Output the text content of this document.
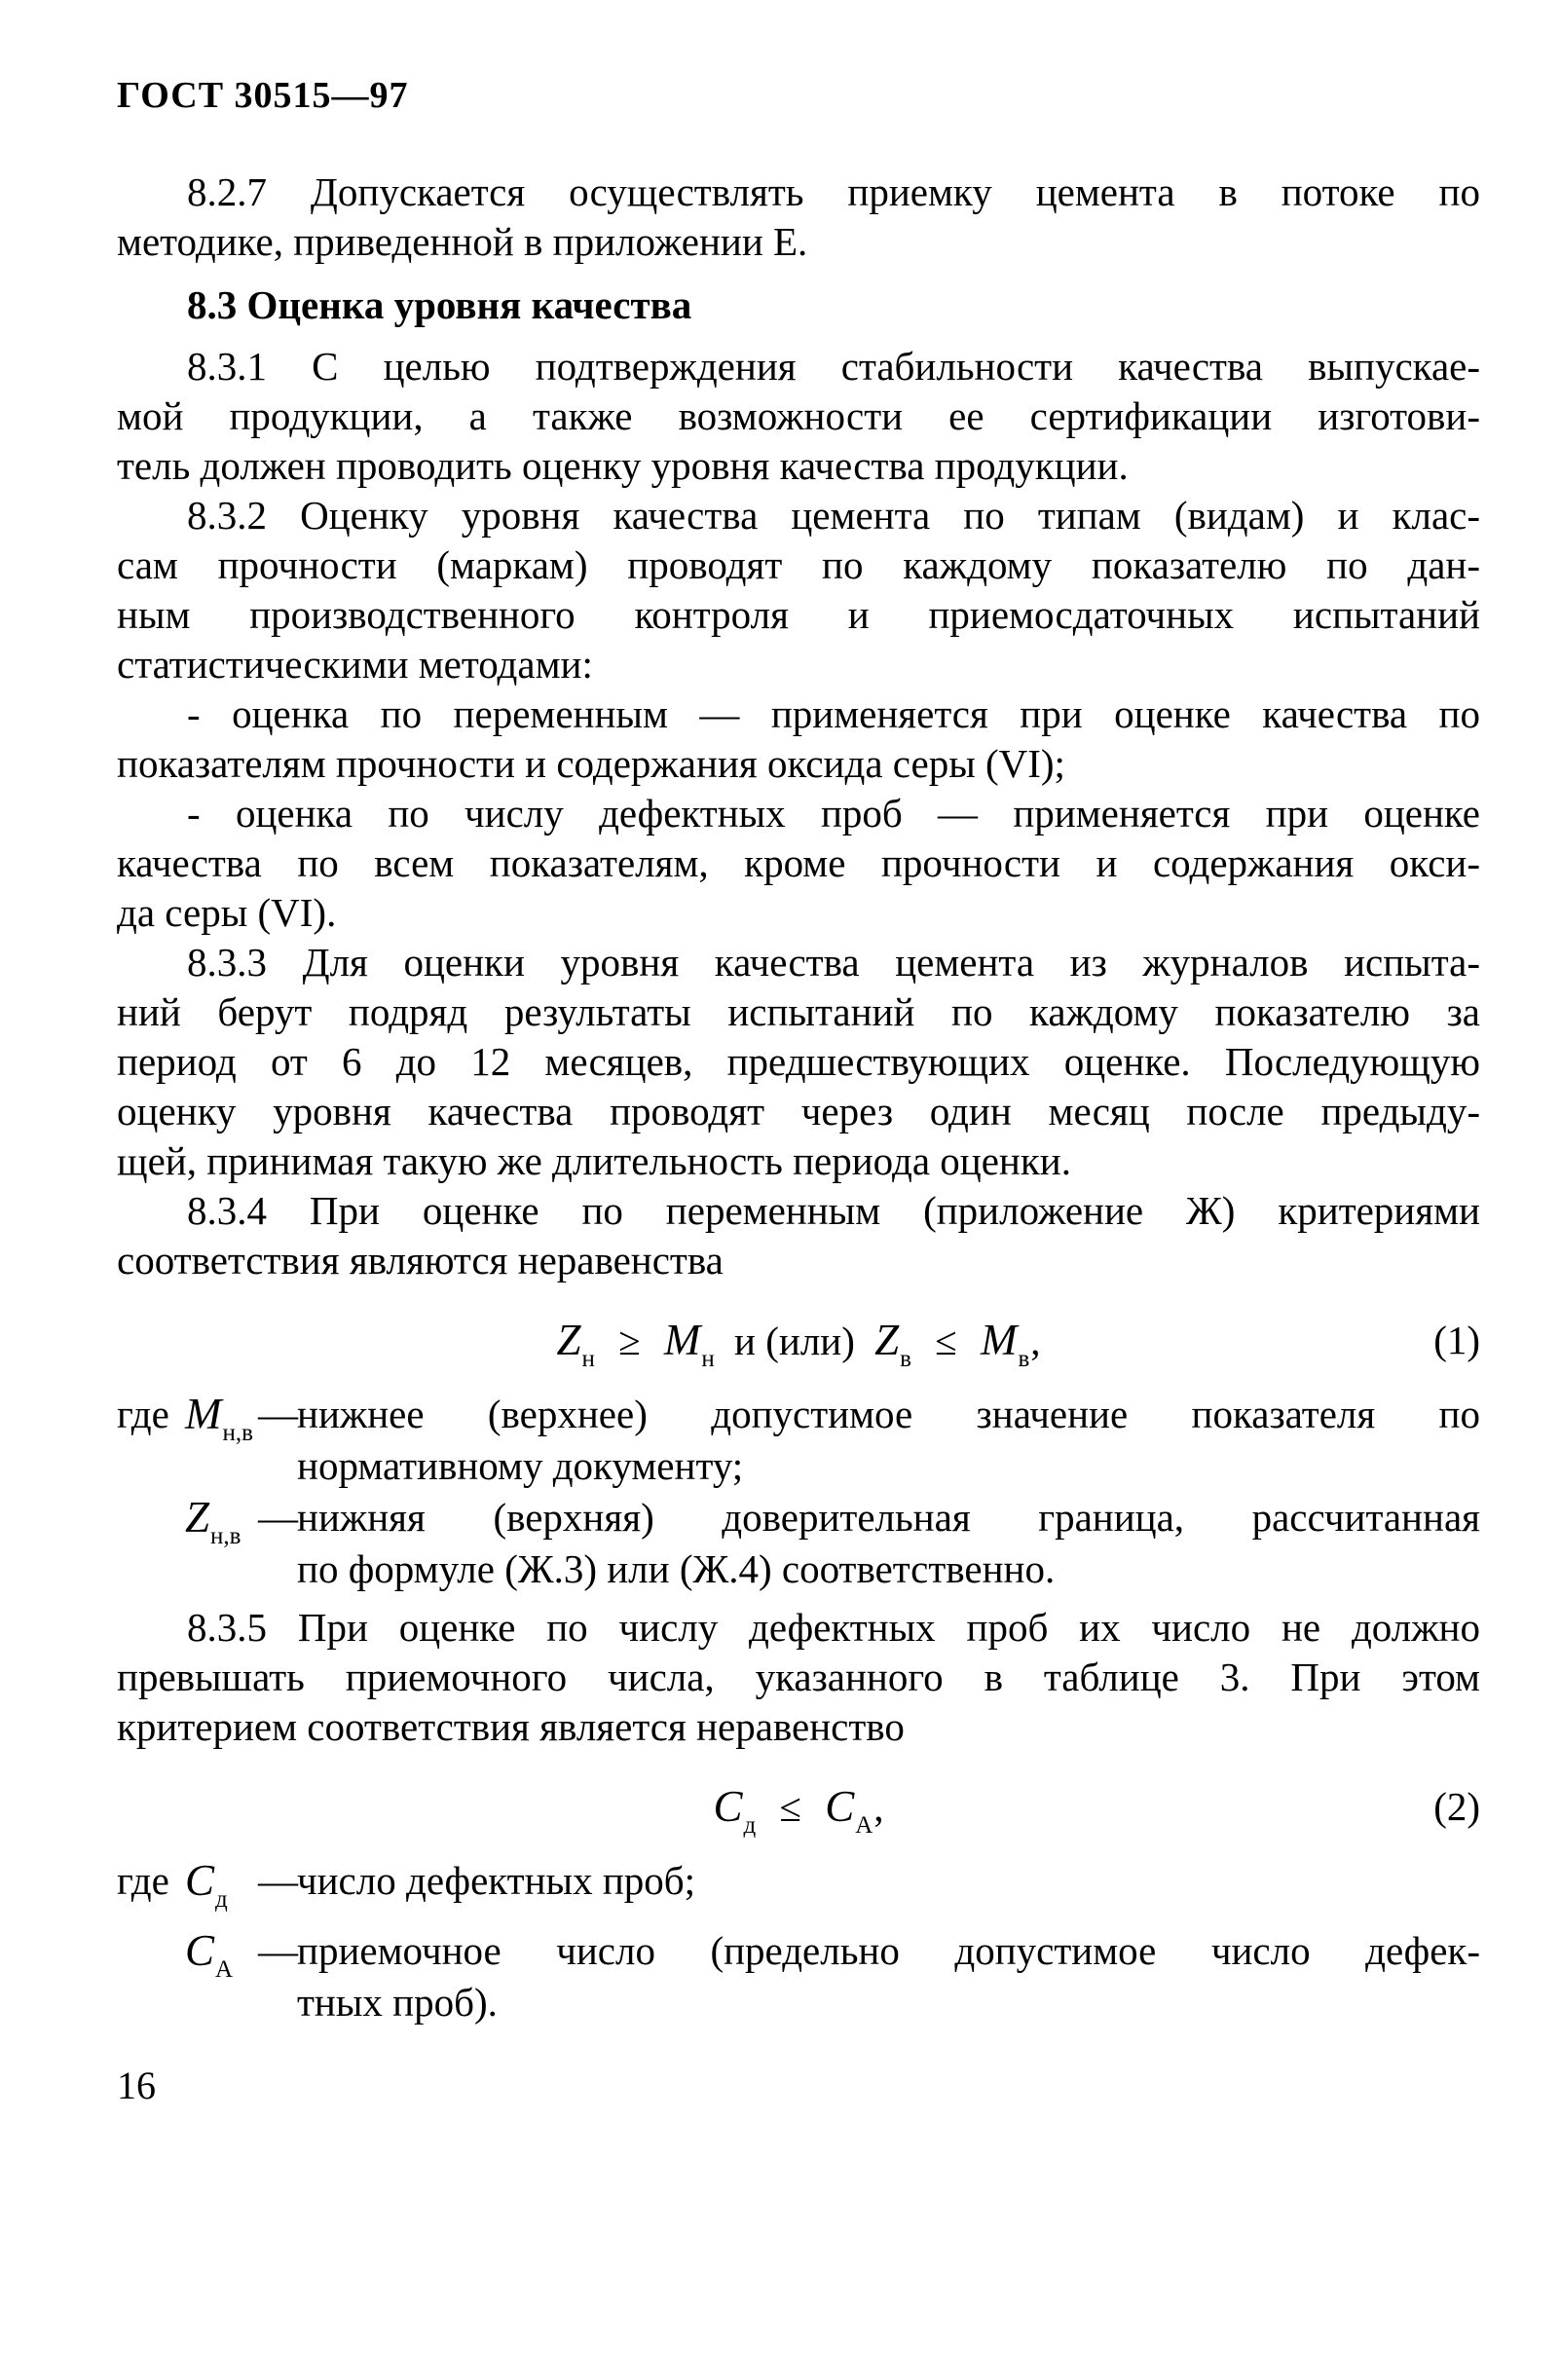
ГОСТ 30515—97
8.2.7 Допускается осуществлять приемку цемента в потоке по
методике, приведенной в приложении Е.
8.3 Оценка уровня качества
8.3.1 С целью подтверждения стабильности качества выпускае-
мой продукции, а также возможности ее сертификации изготови-
тель должен проводить оценку уровня качества продукции.
8.3.2 Оценку уровня качества цемента по типам (видам) и клас-
сам прочности (маркам) проводят по каждому показателю по дан-
ным производственного контроля и приемосдаточных испытаний
статистическими методами:
- оценка по переменным — применяется при оценке качества по
показателям прочности и содержания оксида серы (VI);
- оценка по числу дефектных проб — применяется при оценке
качества по всем показателям, кроме прочности и содержания окси-
да серы (VI).
8.3.3 Для оценки уровня качества цемента из журналов испыта-
ний берут подряд результаты испытаний по каждому показателю за
период от 6 до 12 месяцев, предшествующих оценке. Последующую
оценку уровня качества проводят через один месяц после предыду-
щей, принимая такую же длительность периода оценки.
8.3.4 При оценке по переменным (приложение Ж) критериями
соответствия являются неравенства
$Z_н \ge M_н$ и (или) $Z_в \le M_в$,	(1)
где $M_{н,в}$ — нижнее (верхнее) допустимое значение показателя по
нормативному документу;
$Z_{н,в}$ — нижняя (верхняя) доверительная граница, рассчитанная
по формуле (Ж.3) или (Ж.4) соответственно.
8.3.5 При оценке по числу дефектных проб их число не должно
превышать приемочного числа, указанного в таблице 3. При этом
критерием соответствия является неравенство
$C_д \le C_А$,	(2)
где $C_д$ — число дефектных проб;
$C_А$ — приемочное число (предельно допустимое число дефек-
тных проб).
16
